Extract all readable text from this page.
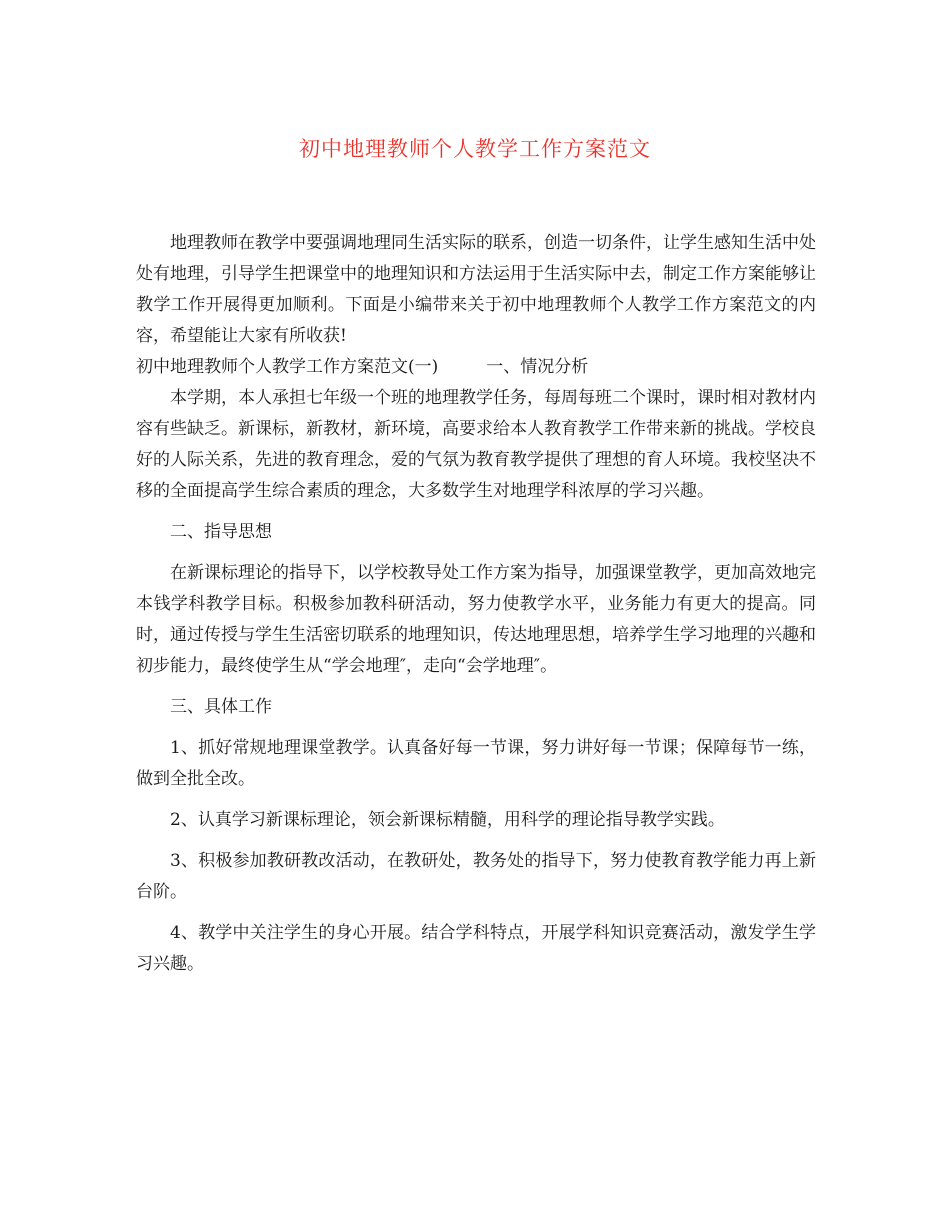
初中地理教师个人教学工作方案范文

地理教师在教学中要强调地理同生活实际的联系，创造一切条件，让学生感知生活中处处有地理，引导学生把课堂中的地理知识和方法运用于生活实际中去，制定工作方案能够让教学工作开展得更加顺利。下面是小编带来关于初中地理教师个人教学工作方案范文的内容，希望能让大家有所收获!

初中地理教师个人教学工作方案范文(一)	一、情况分析

本学期，本人承担七年级一个班的地理教学任务，每周每班二个课时，课时相对教材内容有些缺乏。新课标，新教材，新环境，高要求给本人教育教学工作带来新的挑战。学校良好的人际关系，先进的教育理念，爱的气氛为教育教学提供了理想的育人环境。我校坚决不移的全面提高学生综合素质的理念，大多数学生对地理学科浓厚的学习兴趣。

二、指导思想

在新课标理论的指导下，以学校教导处工作方案为指导，加强课堂教学，更加高效地完本钱学科教学目标。积极参加教科研活动，努力使教学水平，业务能力有更大的提高。同时，通过传授与学生生活密切联系的地理知识，传达地理思想，培养学生学习地理的兴趣和初步能力，最终使学生从“学会地理″，走向“会学地理″。

三、具体工作

1、抓好常规地理课堂教学。认真备好每一节课，努力讲好每一节课；保障每节一练，做到全批全改。

2、认真学习新课标理论，领会新课标精髓，用科学的理论指导教学实践。

3、积极参加教研教改活动，在教研处，教务处的指导下，努力使教育教学能力再上新台阶。

4、教学中关注学生的身心开展。结合学科特点，开展学科知识竞赛活动，激发学生学习兴趣。
